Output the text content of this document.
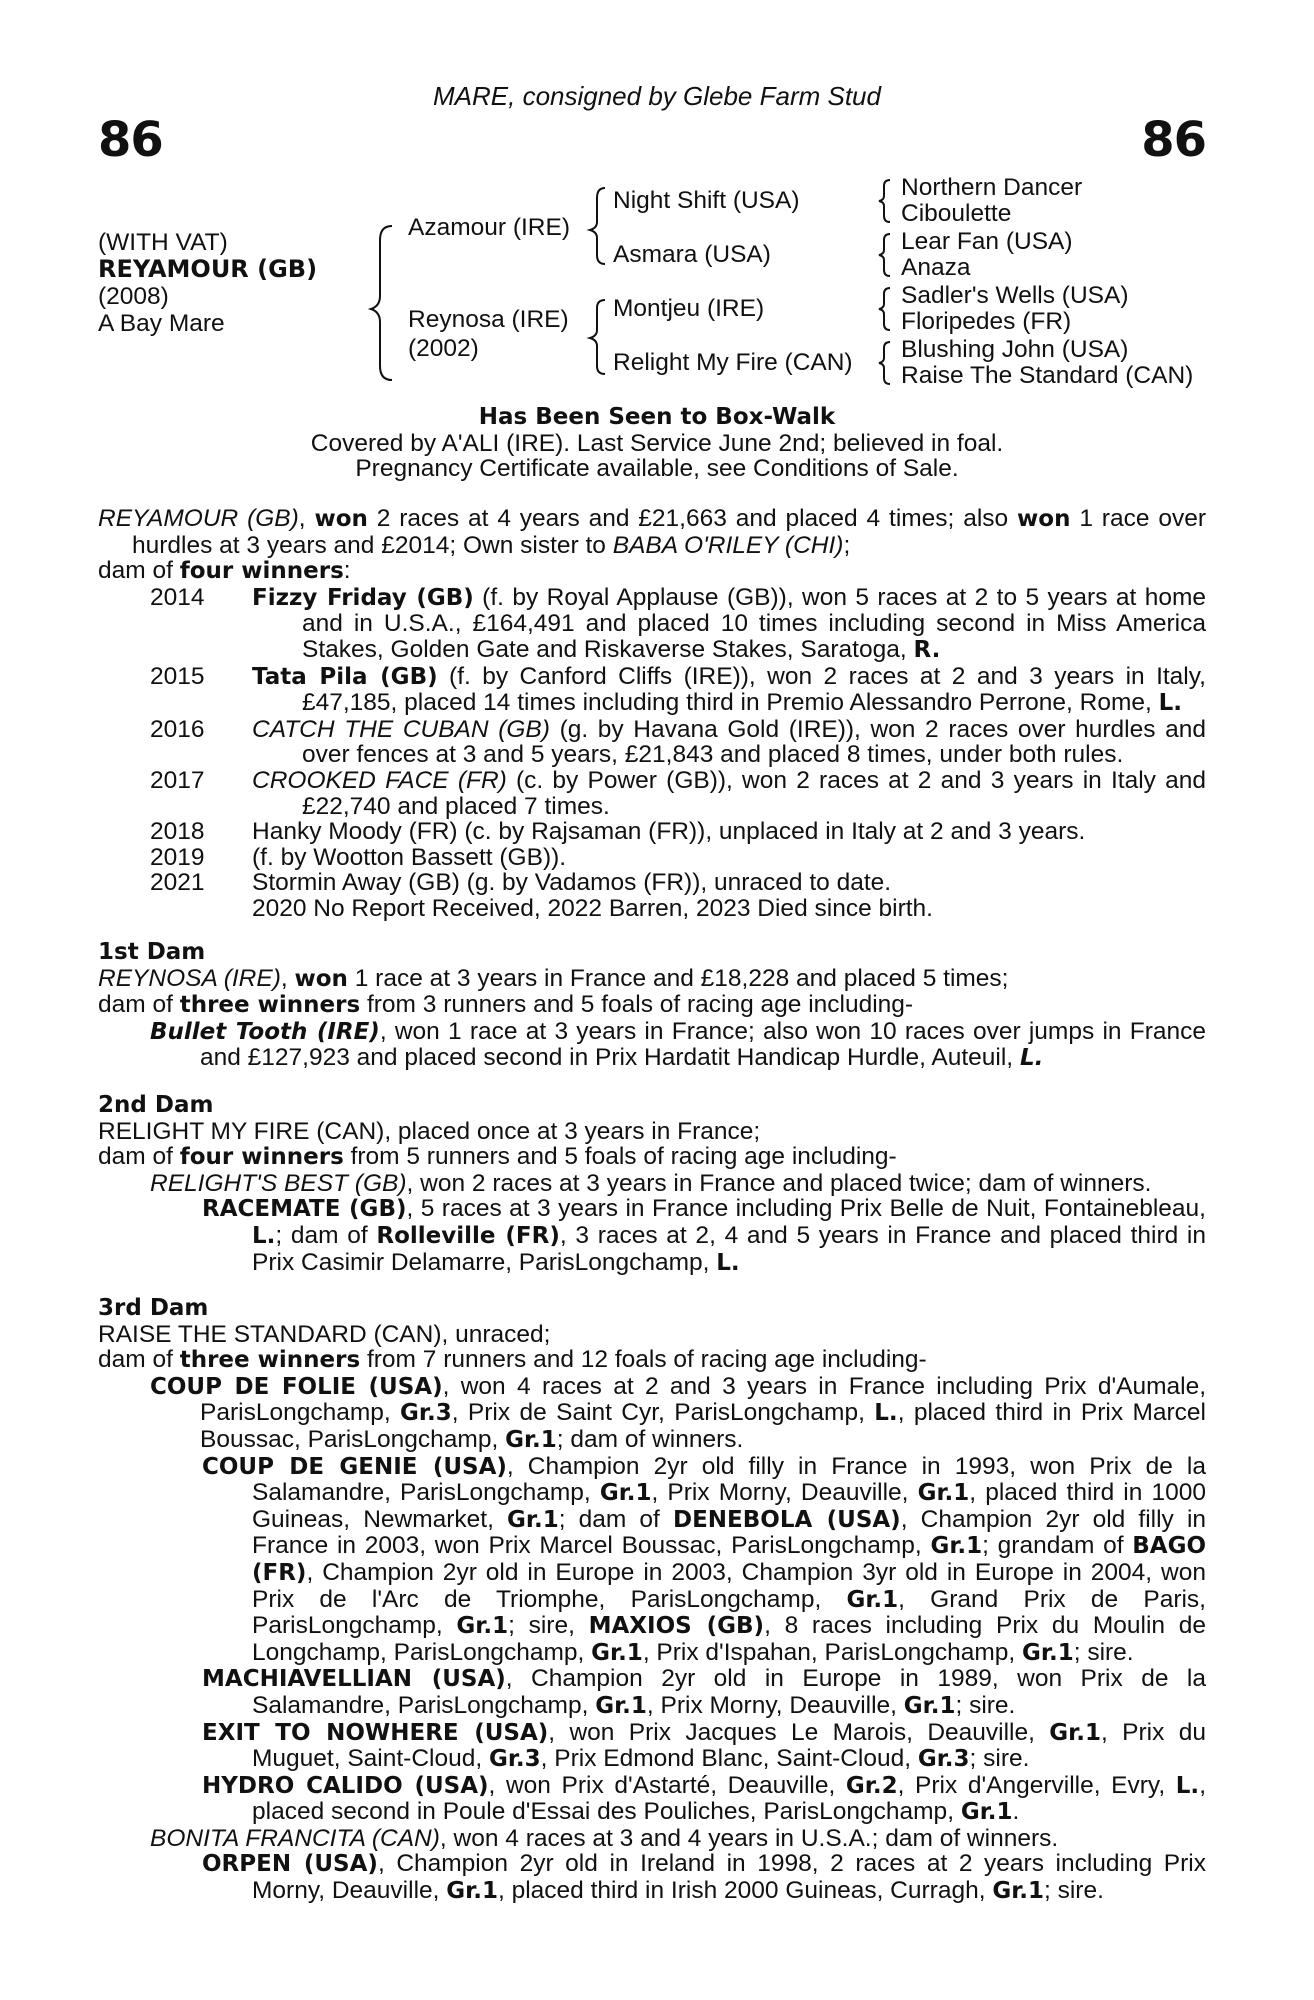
MARE, consigned by Glebe Farm Stud
86	86
(WITH VAT)
REYAMOUR (GB)
(2008)
A Bay Mare
Azamour (IRE)
Reynosa (IRE)
(2002)
Night Shift (USA)
Asmara (USA)
Montjeu (IRE)
Relight My Fire (CAN)
Northern Dancer
Ciboulette
Lear Fan (USA)
Anaza
Sadler's Wells (USA)
Floripedes (FR)
Blushing John (USA)
Raise The Standard (CAN)
Has Been Seen to Box-Walk
Covered by A'ALI (IRE). Last Service June 2nd; believed in foal.
Pregnancy Certificate available, see Conditions of Sale.
REYAMOUR (GB), won 2 races at 4 years and £21,663 and placed 4 times; also won 1 race over hurdles at 3 years and £2014; Own sister to BABA O'RILEY (CHI);
dam of four winners:
2014 Fizzy Friday (GB) (f. by Royal Applause (GB)), won 5 races at 2 to 5 years at home and in U.S.A., £164,491 and placed 10 times including second in Miss America Stakes, Golden Gate and Riskaverse Stakes, Saratoga, R.
2015 Tata Pila (GB) (f. by Canford Cliffs (IRE)), won 2 races at 2 and 3 years in Italy, £47,185, placed 14 times including third in Premio Alessandro Perrone, Rome, L.
2016 CATCH THE CUBAN (GB) (g. by Havana Gold (IRE)), won 2 races over hurdles and over fences at 3 and 5 years, £21,843 and placed 8 times, under both rules.
2017 CROOKED FACE (FR) (c. by Power (GB)), won 2 races at 2 and 3 years in Italy and £22,740 and placed 7 times.
2018 Hanky Moody (FR) (c. by Rajsaman (FR)), unplaced in Italy at 2 and 3 years.
2019 (f. by Wootton Bassett (GB)).
2021 Stormin Away (GB) (g. by Vadamos (FR)), unraced to date.
2020 No Report Received, 2022 Barren, 2023 Died since birth.
1st Dam
REYNOSA (IRE), won 1 race at 3 years in France and £18,228 and placed 5 times;
dam of three winners from 3 runners and 5 foals of racing age including-
Bullet Tooth (IRE), won 1 race at 3 years in France; also won 10 races over jumps in France and £127,923 and placed second in Prix Hardatit Handicap Hurdle, Auteuil, L.
2nd Dam
RELIGHT MY FIRE (CAN), placed once at 3 years in France;
dam of four winners from 5 runners and 5 foals of racing age including-
RELIGHT'S BEST (GB), won 2 races at 3 years in France and placed twice; dam of winners.
RACEMATE (GB), 5 races at 3 years in France including Prix Belle de Nuit, Fontainebleau, L.; dam of Rolleville (FR), 3 races at 2, 4 and 5 years in France and placed third in Prix Casimir Delamarre, ParisLongchamp, L.
3rd Dam
RAISE THE STANDARD (CAN), unraced;
dam of three winners from 7 runners and 12 foals of racing age including-
COUP DE FOLIE (USA), won 4 races at 2 and 3 years in France including Prix d'Aumale, ParisLongchamp, Gr.3, Prix de Saint Cyr, ParisLongchamp, L., placed third in Prix Marcel Boussac, ParisLongchamp, Gr.1; dam of winners.
COUP DE GENIE (USA), Champion 2yr old filly in France in 1993, won Prix de la Salamandre, ParisLongchamp, Gr.1, Prix Morny, Deauville, Gr.1, placed third in 1000 Guineas, Newmarket, Gr.1; dam of DENEBOLA (USA), Champion 2yr old filly in France in 2003, won Prix Marcel Boussac, ParisLongchamp, Gr.1; grandam of BAGO (FR), Champion 2yr old in Europe in 2003, Champion 3yr old in Europe in 2004, won Prix de l'Arc de Triomphe, ParisLongchamp, Gr.1, Grand Prix de Paris, ParisLongchamp, Gr.1; sire, MAXIOS (GB), 8 races including Prix du Moulin de Longchamp, ParisLongchamp, Gr.1, Prix d'Ispahan, ParisLongchamp, Gr.1; sire.
MACHIAVELLIAN (USA), Champion 2yr old in Europe in 1989, won Prix de la Salamandre, ParisLongchamp, Gr.1, Prix Morny, Deauville, Gr.1; sire.
EXIT TO NOWHERE (USA), won Prix Jacques Le Marois, Deauville, Gr.1, Prix du Muguet, Saint-Cloud, Gr.3, Prix Edmond Blanc, Saint-Cloud, Gr.3; sire.
HYDRO CALIDO (USA), won Prix d'Astarté, Deauville, Gr.2, Prix d'Angerville, Evry, L., placed second in Poule d'Essai des Pouliches, ParisLongchamp, Gr.1.
BONITA FRANCITA (CAN), won 4 races at 3 and 4 years in U.S.A.; dam of winners.
ORPEN (USA), Champion 2yr old in Ireland in 1998, 2 races at 2 years including Prix Morny, Deauville, Gr.1, placed third in Irish 2000 Guineas, Curragh, Gr.1; sire.
